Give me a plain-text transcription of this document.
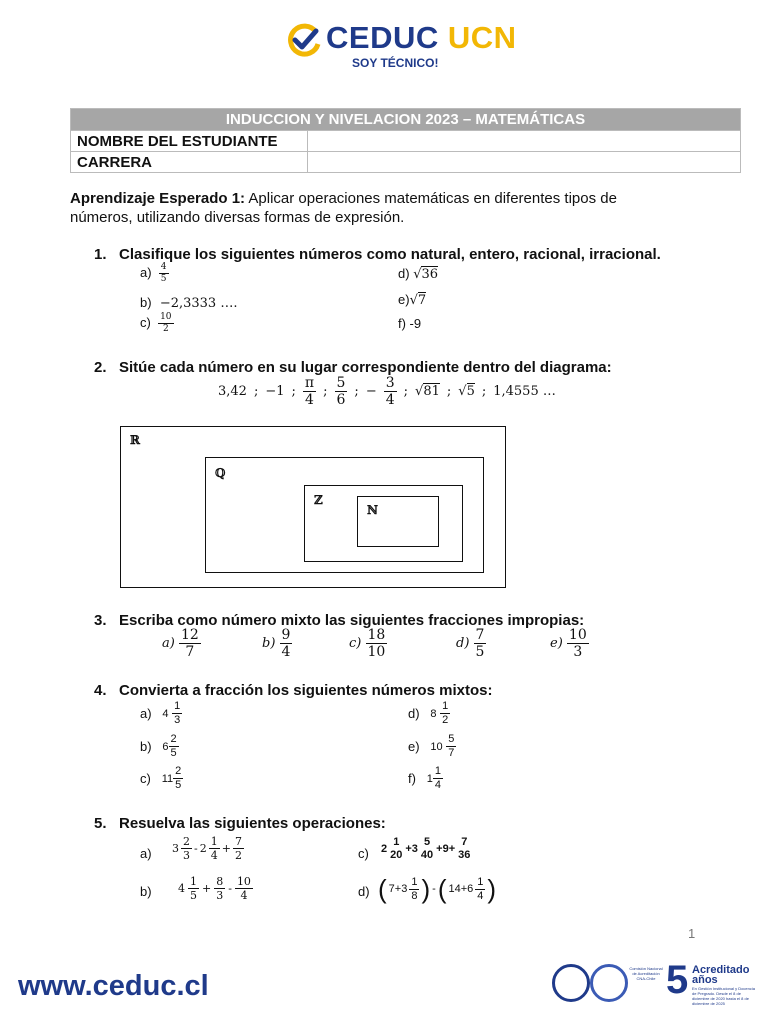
CEDUC UCN
SOY TÉCNICO!
INDUCCION Y NIVELACION 2023 – MATEMÁTICAS	
NOMBRE DEL ESTUDIANTE	
CARRERA	
Aprendizaje Esperado 1: Aplicar operaciones matemáticas en diferentes tipos de números, utilizando diversas formas de expresión.
1.   Clasifique los siguientes números como natural, entero, racional, irracional.
$a) \frac{4}{5}$
b) −2,3333 ….
$c) \frac{10}{2}$
d) √36
e)√7
f) -9
2.   Sitúe cada número en su lugar correspondiente dentro del diagrama:
3,42 ; −1 ; $\frac{\pi}{4}$ ; $\frac{5}{6}$ ; − $\frac{3}{4}$ ; √81 ; √5 ; 1,4555 …
ℝ
ℚ
ℤ
ℕ
3.   Escriba como número mixto las siguientes fracciones impropias:
$a) \frac{12}{7}$	$b) \frac{9}{4}$	$c) \frac{18}{10}$	$d) \frac{7}{5}$	$e) \frac{10}{3}$
4.   Convierta a fracción los siguientes números mixtos:
a)
4
$\frac{1}{3}$
b)
$6 \frac{2}{5}$
c)
$11 \frac{2}{5}$
d)
8
$\frac{1}{2}$
e)
10
$\frac{5}{7}$
f)
$1 \frac{1}{4}$
5.   Resuelva las siguientes operaciones:
a) $3 \frac{2}{3} - 2 \frac{1}{4} + \frac{7}{2}$
b) $4 \frac{1}{5} + \frac{8}{3} - \frac{10}{4}$
c) 2
1
20 +3
5
40 +9+
7
36
d) ( $7+3 \frac{1}{8}$ ) - ( $14+6 \frac{1}{4}$ )
1
www.ceduc.cl
Comisión Nacional de Acreditación CNA-Chile 5 Acreditado
años
En Gestión Institucional y Docencia de Pregrado. Desde el 8 de diciembre de 2020 hasta el 8 de diciembre de 2025
